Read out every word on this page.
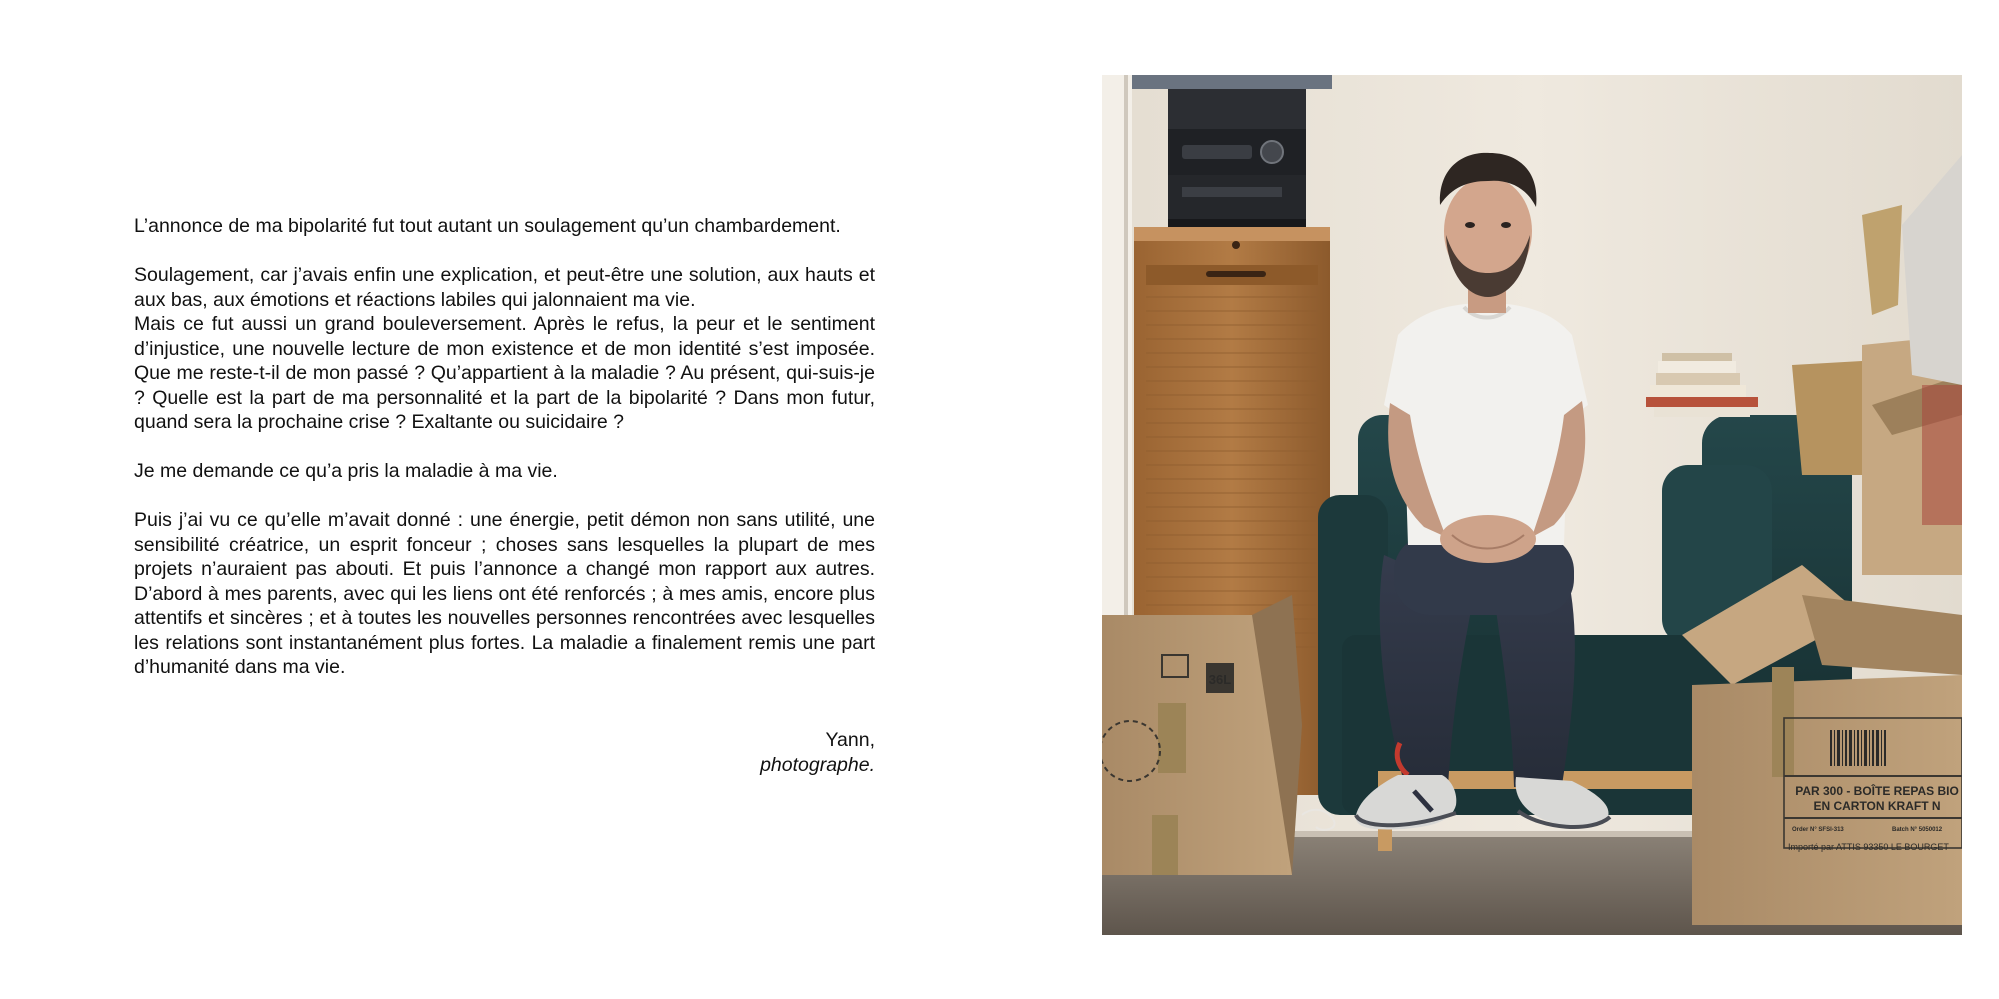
L’annonce de ma bipolarité fut tout autant un soulagement qu’un chambardement.

Soulagement, car j’avais enfin une explication, et peut-être une solution, aux hauts et aux bas, aux émotions et réactions labiles qui jalonnaient ma vie.

Mais ce fut aussi un grand bouleversement. Après le refus, la peur et le sentiment d’injustice, une nouvelle lecture de mon existence et de mon identité s’est imposée. Que me reste-t-il de mon passé ? Qu’appartient à la maladie ? Au présent, qui-suis-je ? Quelle est la part de ma personnalité et la part de la bipolarité ? Dans mon futur, quand sera la prochaine crise ? Exaltante ou suicidaire ?

Je me demande ce qu’a pris la maladie à ma vie.

Puis j’ai vu ce qu’elle m’avait donné : une énergie, petit démon non sans utilité, une sensibilité créatrice, un esprit fonceur ; choses sans lesquelles la plupart de mes projets n’auraient pas abouti. Et puis l’annonce a changé mon rapport aux autres. D’abord à mes parents, avec qui les liens ont été renforcés ; à mes amis, encore plus attentifs et sincères ; et à toutes les nouvelles personnes rencontrées avec lesquelles les relations sont instantanément plus fortes. La maladie a finalement remis une part d’humanité dans ma vie.

Yann,
photographe.
36L
PAR 300 - BOÎTE REPAS BIO
EN CARTON KRAFT N
Order N° SFSI-313	Batch N° 5050012
Importé par ATTIS 93350 LE BOURGET
